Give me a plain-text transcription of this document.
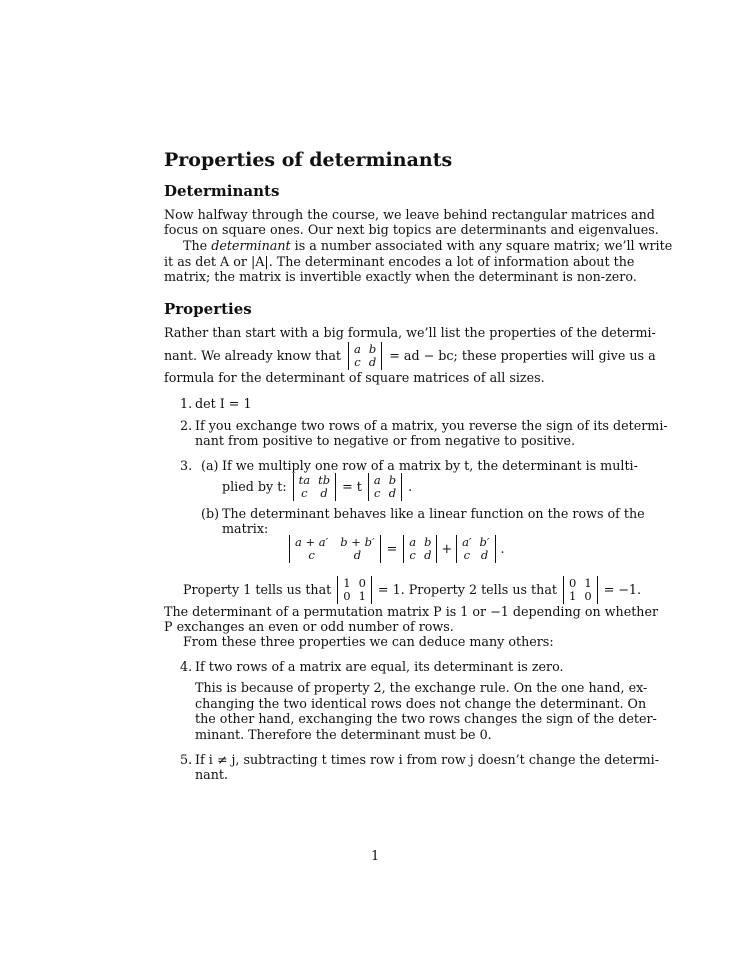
Properties of determinants
Determinants
Now halfway through the course, we leave behind rectangular matrices and
focus on square ones. Our next big topics are determinants and eigenvalues.
The determinant is a number associated with any square matrix; we’ll write
it as det A or |A|. The determinant encodes a lot of information about the
matrix; the matrix is invertible exactly when the determinant is non-zero.
Properties
Rather than start with a big formula, we’ll list the properties of the determi-
nant. We already know that a b
c d = ad − bc; these properties will give us a
formula for the determinant of square matrices of all sizes.
1. det I = 1
2. If you exchange two rows of a matrix, you reverse the sign of its determi-
nant from positive to negative or from negative to positive.
3. (a) If we multiply one row of a matrix by t, the determinant is multi-
plied by t: ta tb
c d = t a b
c d .
(b) The determinant behaves like a linear function on the rows of the
matrix:
a + a′ b + b′
c	d	= a b
c d + a′ b′
c d .
Property 1 tells us that 1 0
0 1 = 1. Property 2 tells us that 0 1
1 0 = −1.
The determinant of a permutation matrix P is 1 or −1 depending on whether
P exchanges an even or odd number of rows.
From these three properties we can deduce many others:
4. If two rows of a matrix are equal, its determinant is zero.
This is because of property 2, the exchange rule. On the one hand, ex-
changing the two identical rows does not change the determinant. On
the other hand, exchanging the two rows changes the sign of the deter-
minant. Therefore the determinant must be 0.
5. If i ≠ j, subtracting t times row i from row j doesn’t change the determi-
nant.
1
